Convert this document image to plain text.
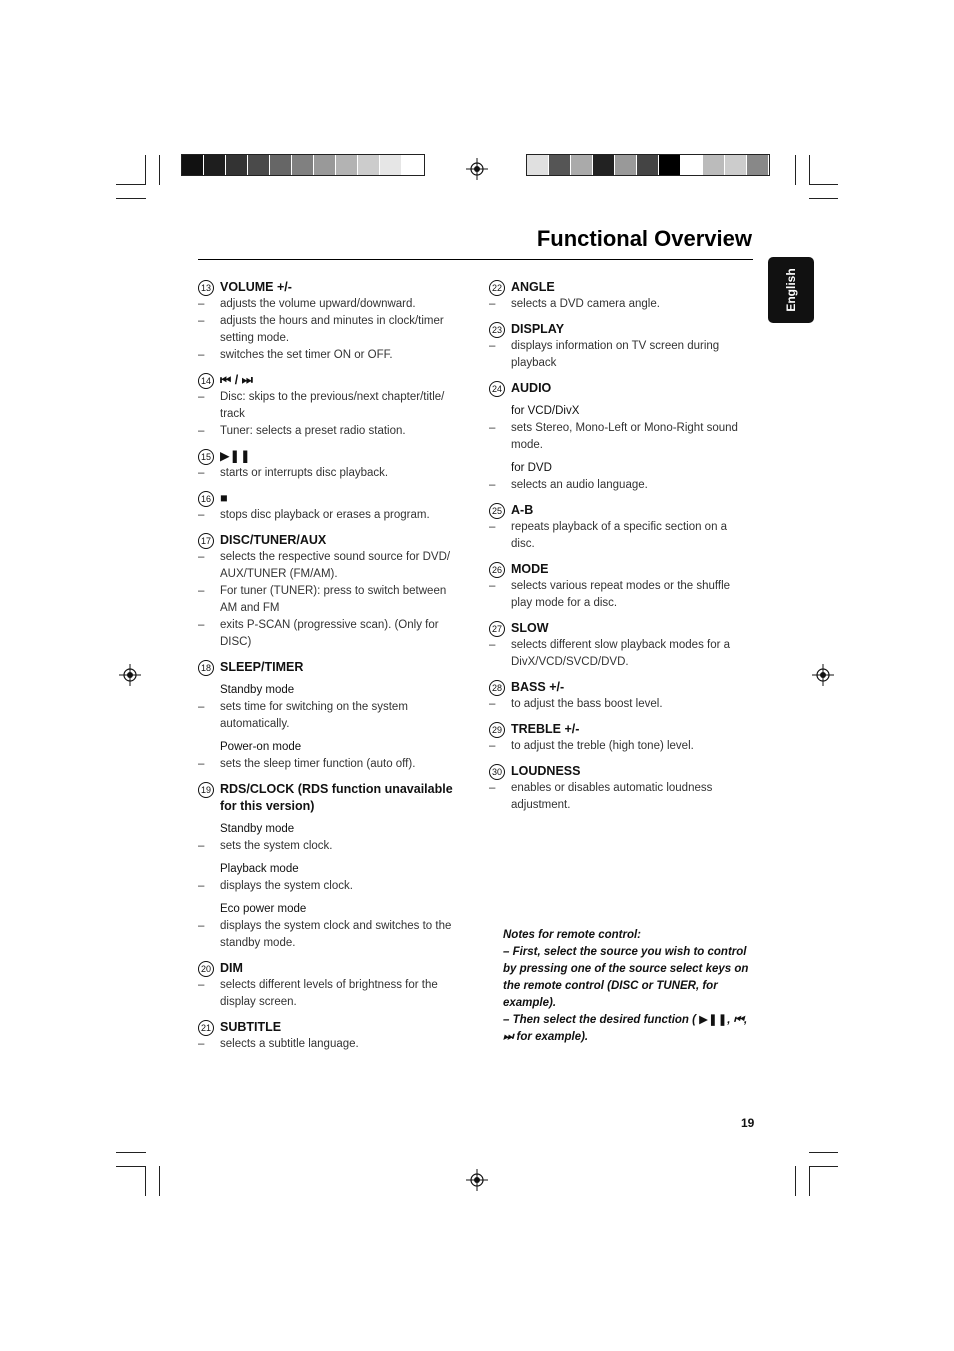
Functional Overview
English
13 VOLUME +/-
–	adjusts the volume upward/downward.
–	adjusts the hours and minutes in clock/timer setting mode.
–	switches the set timer ON or OFF.
14 ⏮ / ⏭
–	Disc: skips to the previous/next chapter/title/ track
–	Tuner: selects a preset radio station.
15 ▶❚❚
–	starts or interrupts disc playback.
16 ■
–	stops disc playback or erases a program.
17 DISC/TUNER/AUX
–	selects the respective sound source for DVD/ AUX/TUNER (FM/AM).
–	For tuner (TUNER): press to switch between AM and FM
–	exits P-SCAN (progressive scan). (Only for DISC)
18 SLEEP/TIMER
Standby mode
–	sets time for switching on the system automatically.
Power-on mode
–	sets the sleep timer function (auto off).
19 RDS/CLOCK (RDS function unavailable for this version)
Standby mode
–	sets the system clock.
Playback mode
–	displays the system clock.
Eco power mode
–	displays the system clock and switches to the standby mode.
20 DIM
–	selects different levels of brightness for the display screen.
21 SUBTITLE
–	selects a subtitle language.
22 ANGLE
–	selects a DVD camera angle.
23 DISPLAY
–	displays information on TV screen during playback
24 AUDIO
for VCD/DivX
–	sets Stereo, Mono-Left or Mono-Right sound mode.
for DVD
–	selects an audio language.
25 A-B
–	repeats playback of a specific section on a disc.
26 MODE
–	selects various repeat modes or the shuffle play mode for a disc.
27 SLOW
–	selects different slow playback modes for a DivX/VCD/SVCD/DVD.
28 BASS +/-
–	to adjust the bass boost level.
29 TREBLE +/-
–	to adjust the treble (high tone) level.
30 LOUDNESS
–	enables or disables automatic loudness adjustment.
Notes for remote control:
– First, select the source you wish to control by pressing one of the source select keys on the remote control (DISC or TUNER, for example).
– Then select the desired function ( ▶❚❚, ⏮, ⏭ for example).
19
